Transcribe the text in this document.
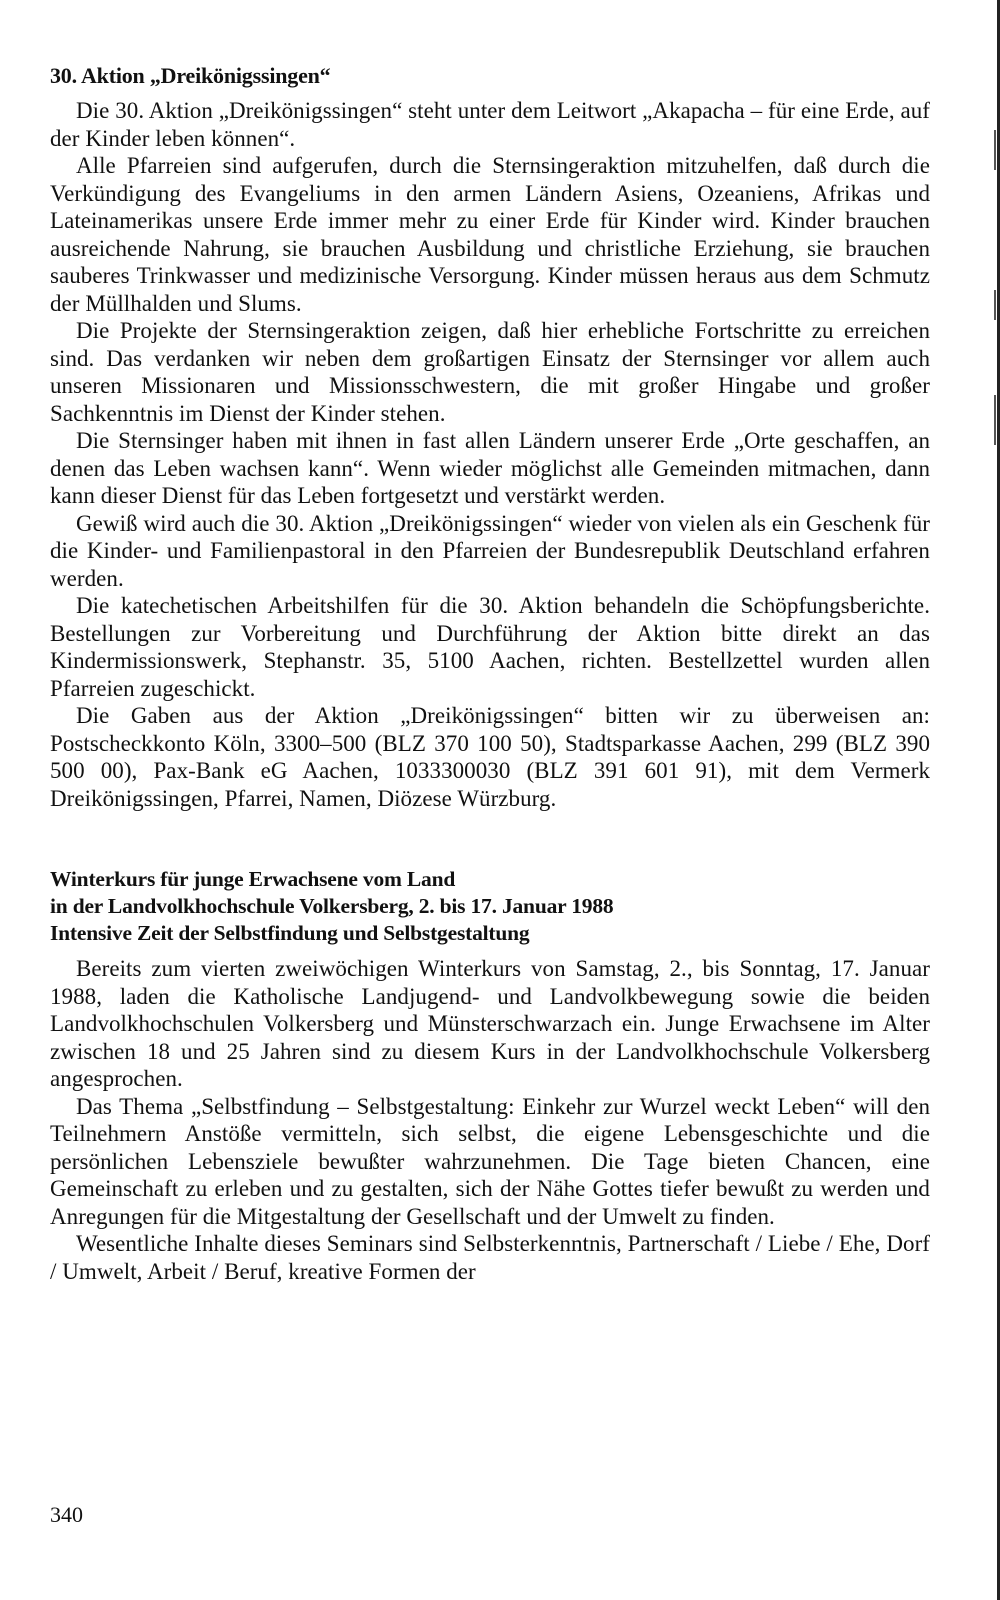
30. Aktion „Dreikönigssingen“

Die 30. Aktion „Dreikönigssingen“ steht unter dem Leitwort „Akapacha – für eine Erde, auf der Kinder leben können“.

Alle Pfarreien sind aufgerufen, durch die Sternsingeraktion mitzuhelfen, daß durch die Verkündigung des Evangeliums in den armen Ländern Asiens, Ozeaniens, Afrikas und Lateinamerikas unsere Erde immer mehr zu einer Erde für Kinder wird. Kinder brauchen ausreichende Nahrung, sie brauchen Ausbildung und christliche Erziehung, sie brauchen sauberes Trinkwasser und medizinische Versorgung. Kinder müssen heraus aus dem Schmutz der Müllhalden und Slums.

Die Projekte der Sternsingeraktion zeigen, daß hier erhebliche Fortschritte zu erreichen sind. Das verdanken wir neben dem großartigen Einsatz der Sternsinger vor allem auch unseren Missionaren und Missionsschwestern, die mit großer Hingabe und großer Sachkenntnis im Dienst der Kinder stehen.

Die Sternsinger haben mit ihnen in fast allen Ländern unserer Erde „Orte geschaffen, an denen das Leben wachsen kann“. Wenn wieder möglichst alle Gemeinden mitmachen, dann kann dieser Dienst für das Leben fortgesetzt und verstärkt werden.

Gewiß wird auch die 30. Aktion „Dreikönigssingen“ wieder von vielen als ein Geschenk für die Kinder- und Familienpastoral in den Pfarreien der Bundesrepublik Deutschland erfahren werden.

Die katechetischen Arbeitshilfen für die 30. Aktion behandeln die Schöpfungsberichte. Bestellungen zur Vorbereitung und Durchführung der Aktion bitte direkt an das Kindermissionswerk, Stephanstr. 35, 5100 Aachen, richten. Bestellzettel wurden allen Pfarreien zugeschickt.

Die Gaben aus der Aktion „Dreikönigssingen“ bitten wir zu überweisen an: Postscheckkonto Köln, 3300–500 (BLZ 370 100 50), Stadtsparkasse Aachen, 299 (BLZ 390 500 00), Pax-Bank eG Aachen, 1033300030 (BLZ 391 601 91), mit dem Vermerk Dreikönigssingen, Pfarrei, Namen, Diözese Würzburg.

Winterkurs für junge Erwachsene vom Land
in der Landvolkhochschule Volkersberg, 2. bis 17. Januar 1988
Intensive Zeit der Selbstfindung und Selbstgestaltung

Bereits zum vierten zweiwöchigen Winterkurs von Samstag, 2., bis Sonntag, 17. Januar 1988, laden die Katholische Landjugend- und Landvolkbewegung sowie die beiden Landvolkhochschulen Volkersberg und Münsterschwarzach ein. Junge Erwachsene im Alter zwischen 18 und 25 Jahren sind zu diesem Kurs in der Landvolkhochschule Volkersberg angesprochen.

Das Thema „Selbstfindung – Selbstgestaltung: Einkehr zur Wurzel weckt Leben“ will den Teilnehmern Anstöße vermitteln, sich selbst, die eigene Lebensgeschichte und die persönlichen Lebensziele bewußter wahrzunehmen. Die Tage bieten Chancen, eine Gemeinschaft zu erleben und zu gestalten, sich der Nähe Gottes tiefer bewußt zu werden und Anregungen für die Mitgestaltung der Gesellschaft und der Umwelt zu finden.

Wesentliche Inhalte dieses Seminars sind Selbsterkenntnis, Partnerschaft / Liebe / Ehe, Dorf / Umwelt, Arbeit / Beruf, kreative Formen der

340
